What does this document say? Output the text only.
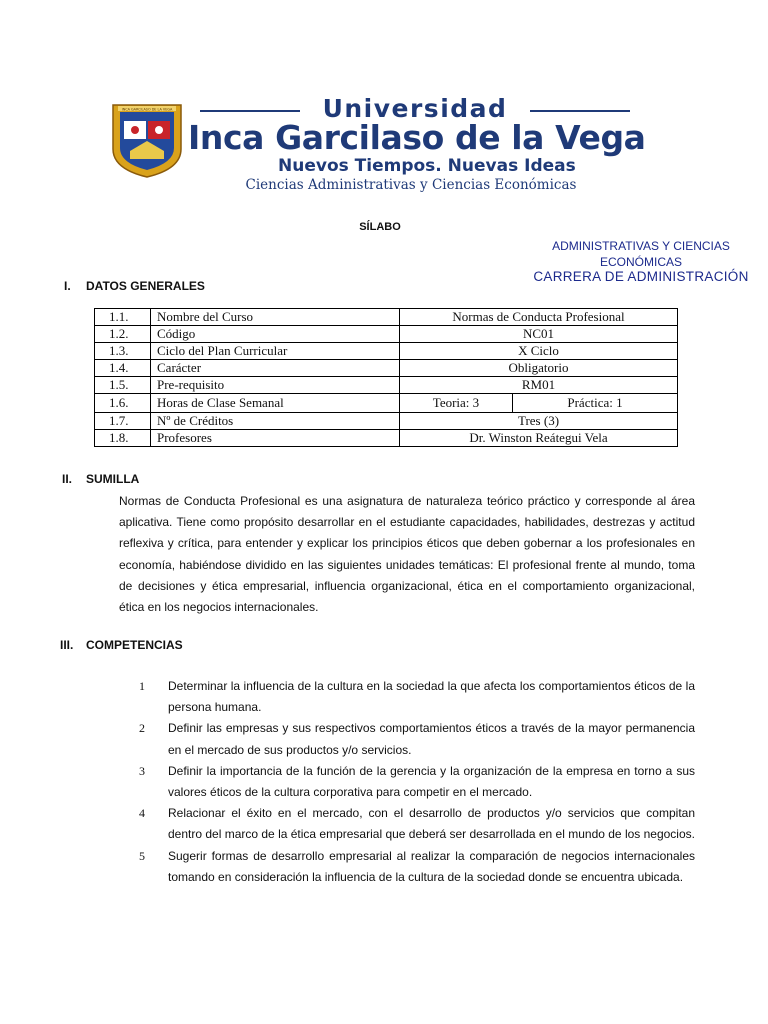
INCA GARCILASO DE LA VEGA	Universidad
Inca Garcilaso de la Vega
Nuevos Tiempos. Nuevas Ideas
Ciencias Administrativas y Ciencias Económicas
SÍLABO
ADMINISTRATIVAS Y CIENCIAS ECONÓMICAS
CARRERA DE ADMINISTRACIÓN
I. DATOS GENERALES
1.1.	Nombre del Curso	Normas de Conducta Profesional	
1.2.	Código	NC01	
1.3.	Ciclo del Plan Curricular	X Ciclo	
1.4.	Carácter	Obligatorio	
1.5.	Pre-requisito	RM01	
1.6.	Horas de Clase Semanal	Teoria: 3	Práctica: 1
1.7.	Nº de Créditos	Tres (3)	
1.8.	Profesores	Dr. Winston Reátegui Vela	
II. SUMILLA
Normas de Conducta Profesional es una asignatura de naturaleza teórico práctico y corresponde al área aplicativa. Tiene como propósito desarrollar en el estudiante capacidades, habilidades, destrezas y actitud reflexiva y crítica, para entender y explicar los principios éticos que deben gobernar a los profesionales en economía, habiéndose dividido en las siguientes unidades temáticas: El profesional frente al mundo, toma de decisiones y ética empresarial, influencia organizacional, ética en el comportamiento organizacional, ética en los negocios internacionales.
III. COMPETENCIAS
1 Determinar la influencia de la cultura en la sociedad la que afecta los comportamientos éticos de la persona humana.
2 Definir las empresas y sus respectivos comportamientos éticos a través de la mayor permanencia en el mercado de sus productos y/o servicios.
3 Definir la importancia de la función de la gerencia y la organización de la empresa en torno a sus valores éticos de la cultura corporativa para competir en el mercado.
4 Relacionar el éxito en el mercado, con el desarrollo de productos y/o servicios que compitan dentro del marco de la ética empresarial que deberá ser desarrollada en el mundo de los negocios.
5 Sugerir formas de desarrollo empresarial al realizar la comparación de negocios internacionales tomando en consideración la influencia de la cultura de la sociedad donde se encuentra ubicada.
